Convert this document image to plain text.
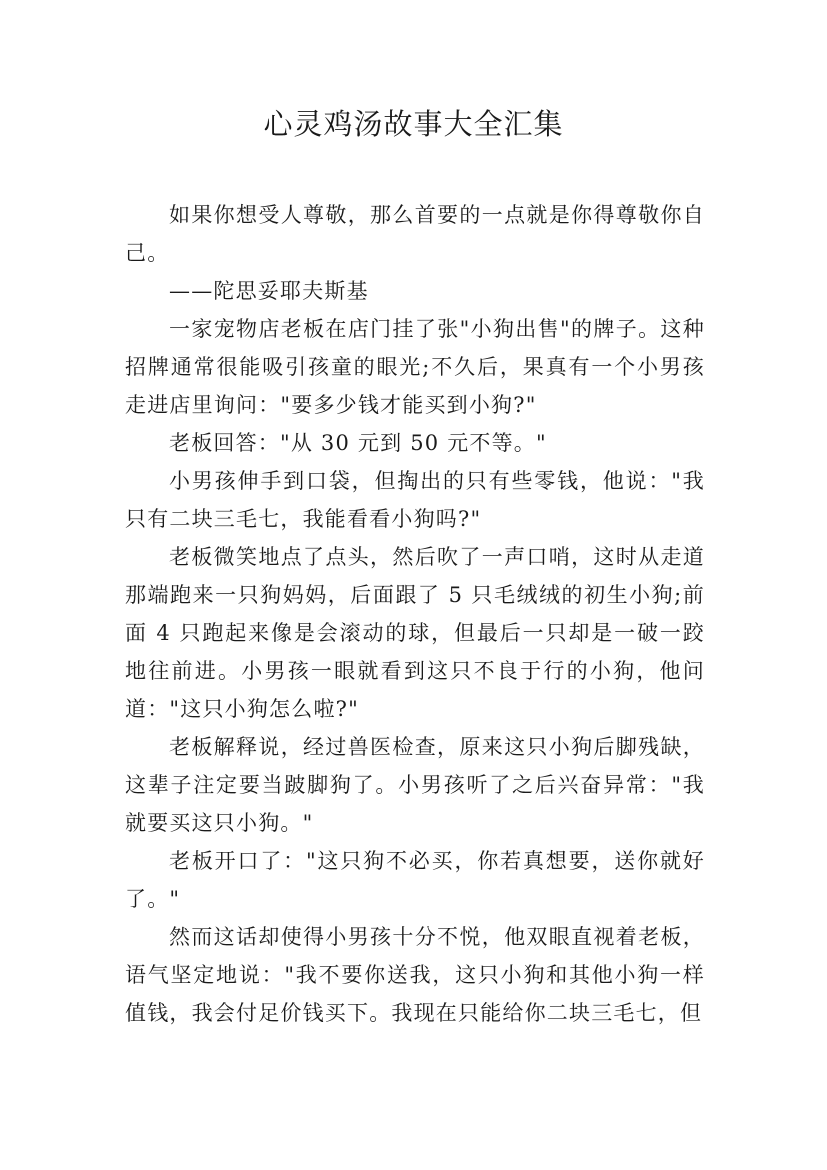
心灵鸡汤故事大全汇集

如果你想受人尊敬，那么首要的一点就是你得尊敬你自己。

——陀思妥耶夫斯基

一家宠物店老板在店门挂了张"小狗出售"的牌子。这种招牌通常很能吸引孩童的眼光;不久后，果真有一个小男孩走进店里询问："要多少钱才能买到小狗?"

老板回答："从 30 元到 50 元不等。"

小男孩伸手到口袋，但掏出的只有些零钱，他说："我只有二块三毛七，我能看看小狗吗?"

老板微笑地点了点头，然后吹了一声口哨，这时从走道那端跑来一只狗妈妈，后面跟了 5 只毛绒绒的初生小狗;前面 4 只跑起来像是会滚动的球，但最后一只却是一破一跤地往前进。小男孩一眼就看到这只不良于行的小狗，他问道："这只小狗怎么啦?"

老板解释说，经过兽医检查，原来这只小狗后脚残缺，这辈子注定要当跛脚狗了。小男孩听了之后兴奋异常："我就要买这只小狗。"

老板开口了："这只狗不必买，你若真想要，送你就好了。"

然而这话却使得小男孩十分不悦，他双眼直视着老板，语气坚定地说："我不要你送我，这只小狗和其他小狗一样值钱，我会付足价钱买下。我现在只能给你二块三毛七，但
